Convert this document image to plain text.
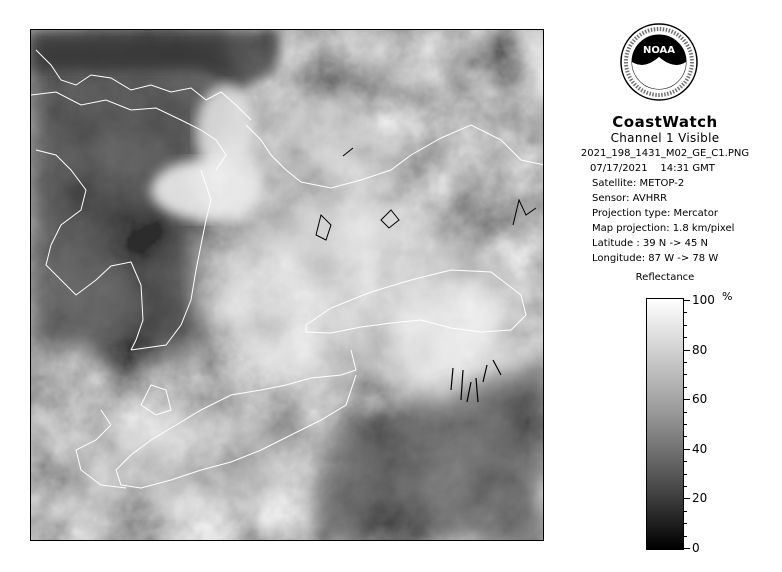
NOAA
CoastWatch
Channel 1 Visible
2021_198_1431_M02_GE_C1.PNG
07/17/2021 14:31 GMT
Satellite: METOP-2
Sensor: AVHRR
Projection type: Mercator
Map projection: 1.8 km/pixel
Latitude : 39 N -> 45 N
Longitude: 87 W -> 78 W
Reflectance
%
100
80
60
40
20
0
